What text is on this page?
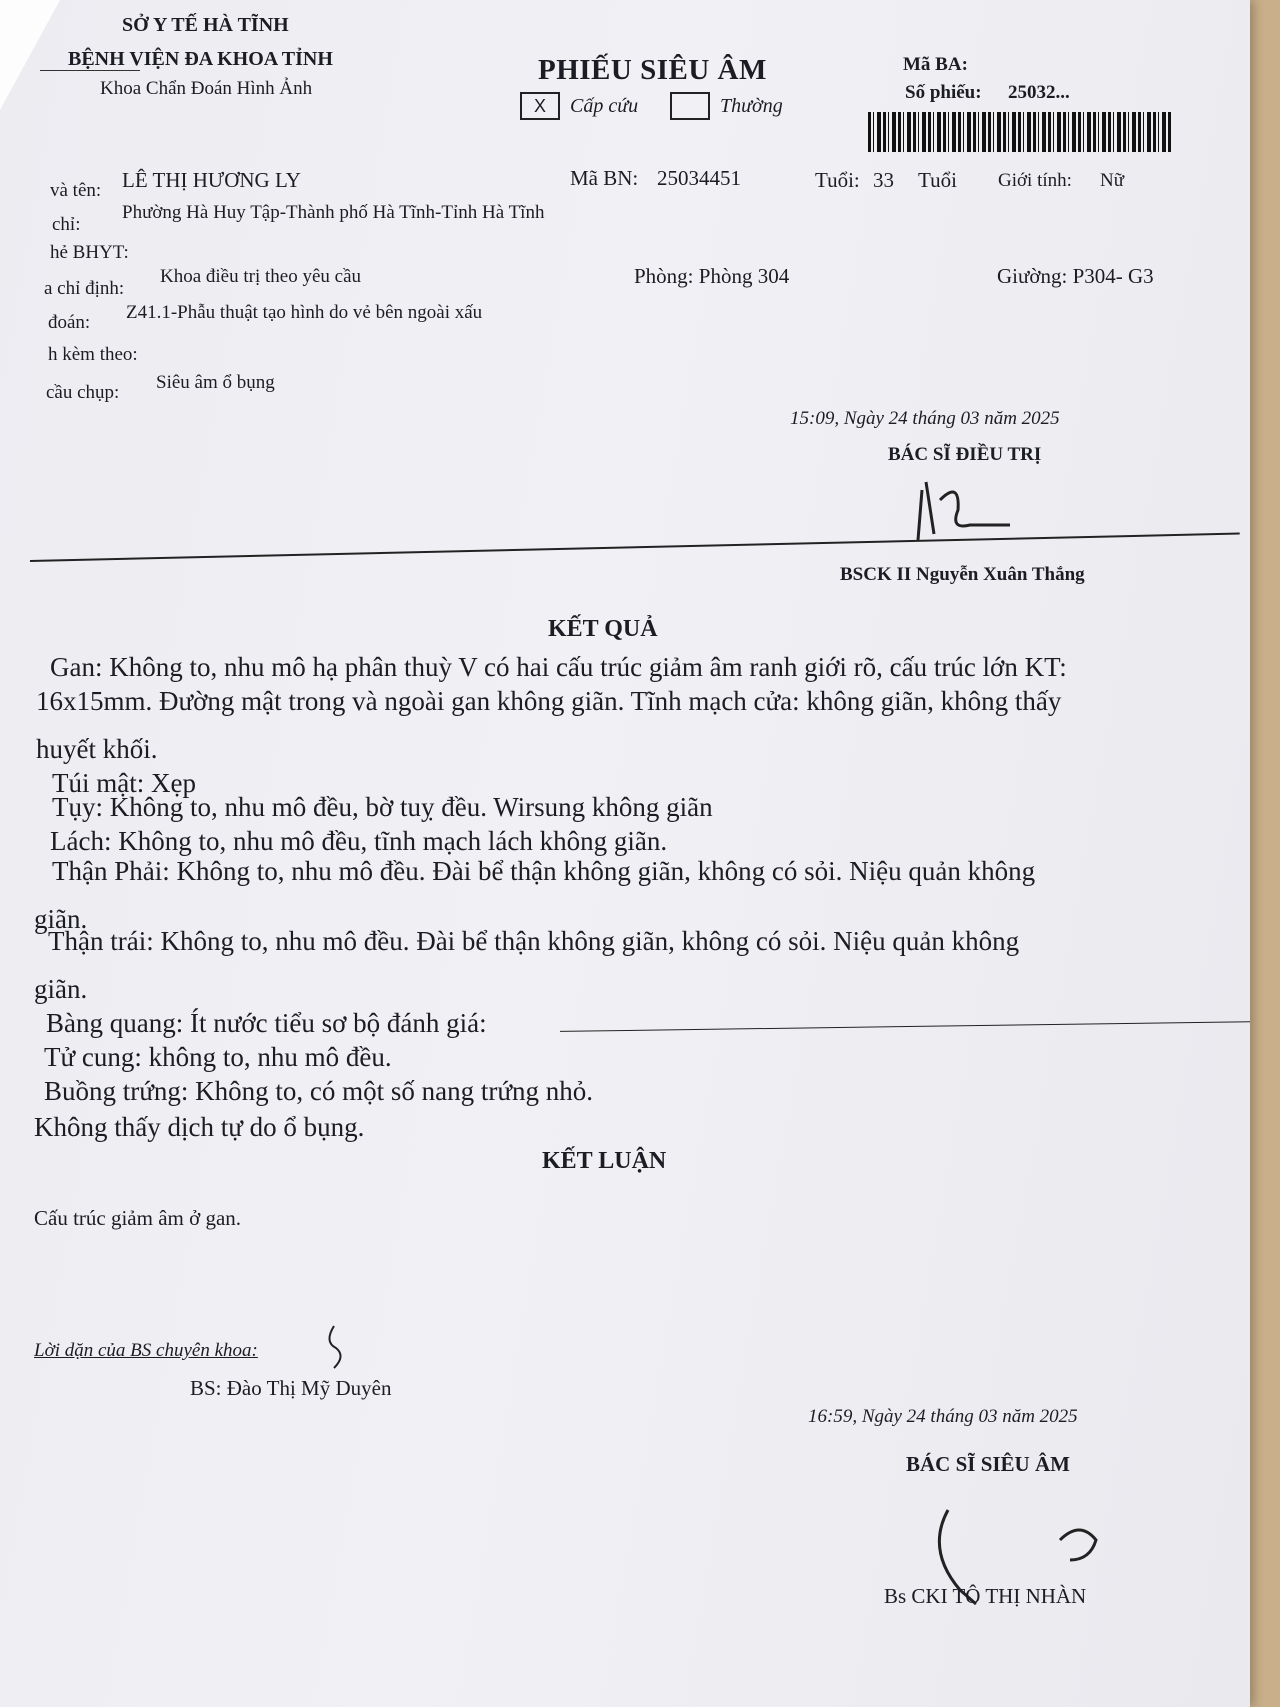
SỞ Y TẾ HÀ TĨNH
BỆNH VIỆN ĐA KHOA TỈNH
Khoa Chẩn Đoán Hình Ảnh
PHIẾU SIÊU ÂM
X Cấp cứu	Thường
Mã BA:
Số phiếu: 25032...
và tên: LÊ THỊ HƯƠNG LY	Mã BN: 25034451	Tuổi: 33 Tuổi Giới tính: Nữ
chỉ:
Phường Hà Huy Tập-Thành phố Hà Tĩnh-Tỉnh Hà Tĩnh
hẻ BHYT:
a chỉ định:
Khoa điều trị theo yêu cầu	Phòng: Phòng 304	Giường: P304- G3
đoán: Z41.1-Phẫu thuật tạo hình do vẻ bên ngoài xấu
h kèm theo:
cầu chụp: Siêu âm ổ bụng
15:09, Ngày 24 tháng 03 năm 2025
BÁC SĨ ĐIỀU TRỊ
BSCK II Nguyễn Xuân Thắng
KẾT QUẢ
Gan: Không to, nhu mô hạ phân thuỳ V có hai cấu trúc giảm âm ranh giới rõ, cấu trúc lớn KT:
16x15mm. Đường mật trong và ngoài gan không giãn. Tĩnh mạch cửa: không giãn, không thấy
huyết khối.
Túi mật: Xẹp
Tụy: Không to, nhu mô đều, bờ tuỵ đều. Wirsung không giãn
Lách: Không to, nhu mô đều, tĩnh mạch lách không giãn.
Thận Phải: Không to, nhu mô đều. Đài bể thận không giãn, không có sỏi. Niệu quản không
giãn.
Thận trái: Không to, nhu mô đều. Đài bể thận không giãn, không có sỏi. Niệu quản không
giãn.
Bàng quang: Ít nước tiểu sơ bộ đánh giá:
Tử cung: không to, nhu mô đều.
Buồng trứng: Không to, có một số nang trứng nhỏ.
Không thấy dịch tự do ổ bụng.
KẾT LUẬN
Cấu trúc giảm âm ở gan.
Lời dặn của BS chuyên khoa:
BS: Đào Thị Mỹ Duyên
16:59, Ngày 24 tháng 03 năm 2025
BÁC SĨ SIÊU ÂM
Bs CKI TÔ THỊ NHÀN
